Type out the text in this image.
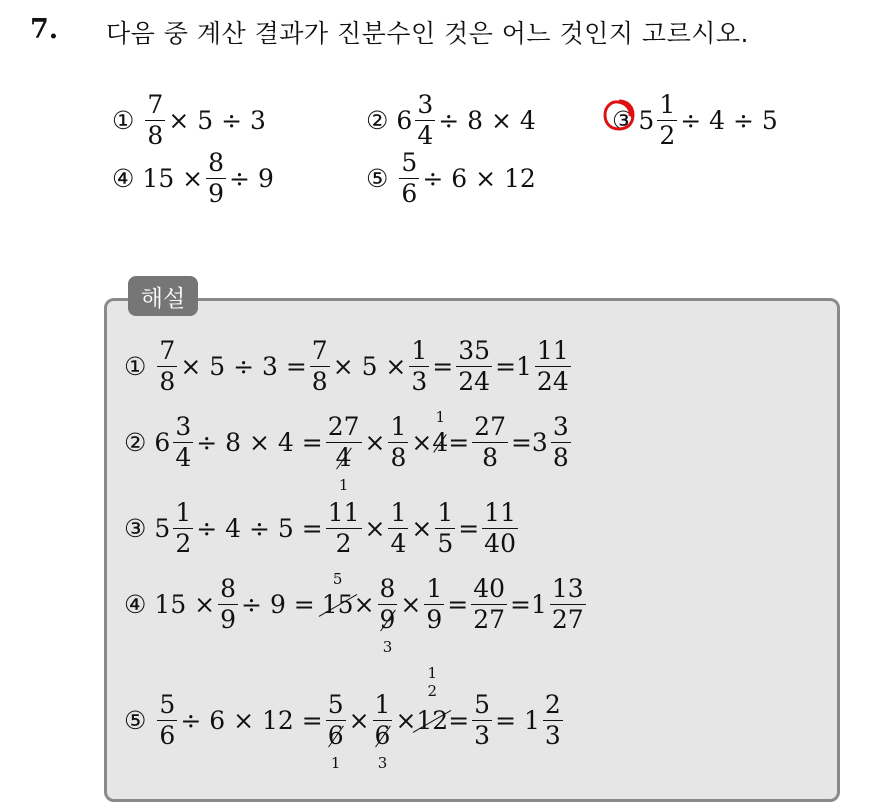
7. 다음 중 계산 결과가 진분수인 것은 어느 것인지 고르시오.
① $\frac{7}{8} \times 5 \div 3$	② $6 \frac{3}{4} \div 8 \times 4$	③ $5 \frac{1}{2} \div 4 \div 5$
④ $15 \times \frac{8}{9} \div 9$	⑤ $\frac{5}{6} \div 6 \times 12$
해설
① $\frac{7}{8} \times 5 \div 3 = \frac{7}{8} \times 5 \times \frac{1}{3} = \frac{35}{24} =1 \frac{11}{24}$
② $6 \frac{3}{4} \div 8 \times 4 = 27$
4
$1 \times \frac{1}{8} \times 4$
1
= $\frac{27}{8} =3 \frac{3}{8}$
③ $5 \frac{1}{2} \div 4 \div 5 = \frac{11}{2} \times \frac{1}{4} \times \frac{1}{5} = \frac{11}{40}$
④ $15 \times \frac{8}{9} \div 9 = 15$
5
× 8
9
$3 \times \frac{1}{9} = \frac{40}{27} =1 \frac{13}{27}$
⑤ $\frac{5}{6} \div 6 \times 12 = 5$
6
1 × 1
6
3 × 12
2
1
= $\frac{5}{3} = 1 \frac{2}{3}$
